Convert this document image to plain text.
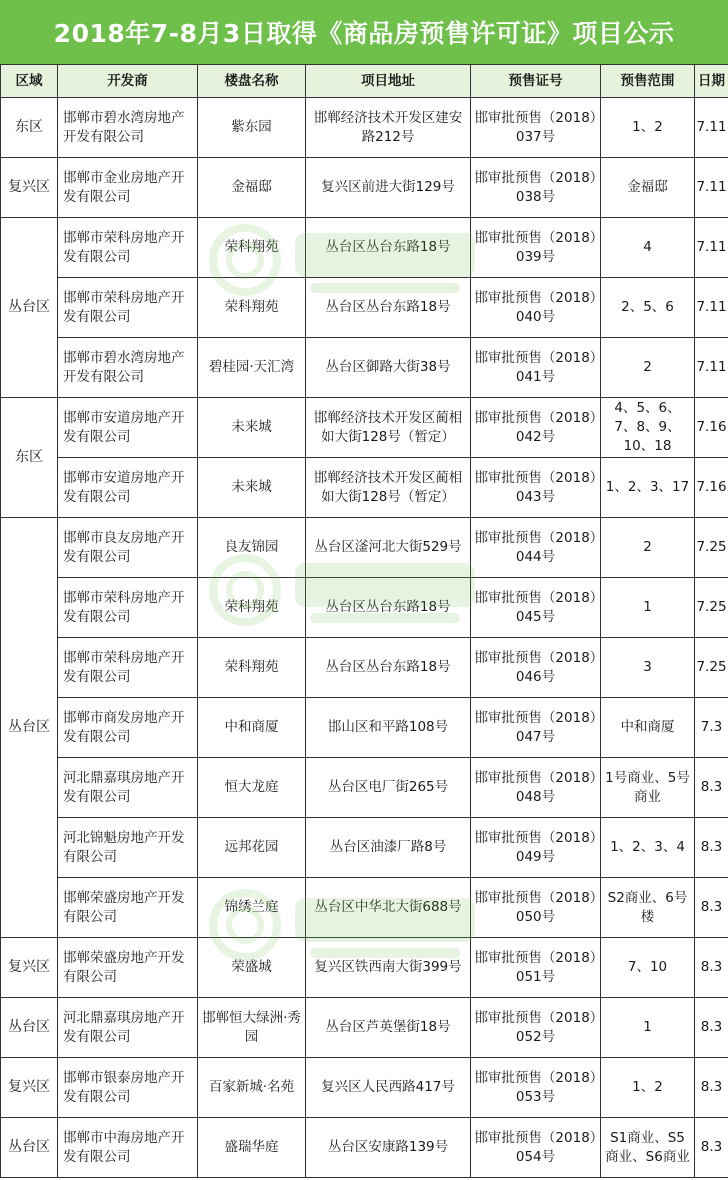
2018年7-8月3日取得《商品房预售许可证》项目公示
区域	开发商	楼盘名称	项目地址	预售证号	预售范围	日期
东区	邯郸市碧水湾房地产开发有限公司	紫东园	邯郸经济技术开发区建安路212号	邯审批预售（2018）037号	1、2	7.11
复兴区	邯郸市金业房地产开发有限公司	金福邸	复兴区前进大街129号	邯审批预售（2018）038号	金福邸	7.11
丛台区	邯郸市荣科房地产开发有限公司	荣科翔苑	丛台区丛台东路18号	邯审批预售（2018）039号	4	7.11
	邯郸市荣科房地产开发有限公司	荣科翔苑	丛台区丛台东路18号	邯审批预售（2018）040号	2、5、6	7.11
	邯郸市碧水湾房地产开发有限公司	碧桂园·天汇湾	丛台区御路大街38号	邯审批预售（2018）041号	2	7.11
东区	邯郸市安道房地产开发有限公司	未来城	邯郸经济技术开发区蔺相如大街128号（暂定）	邯审批预售（2018）042号	4、5、6、7、8、9、10、18	7.16
	邯郸市安道房地产开发有限公司	未来城	邯郸经济技术开发区蔺相如大街128号（暂定）	邯审批预售（2018）043号	1、2、3、17	7.16
丛台区	邯郸市良友房地产开发有限公司	良友锦园	丛台区滏河北大街529号	邯审批预售（2018）044号	2	7.25
	邯郸市荣科房地产开发有限公司	荣科翔苑	丛台区丛台东路18号	邯审批预售（2018）045号	1	7.25
	邯郸市荣科房地产开发有限公司	荣科翔苑	丛台区丛台东路18号	邯审批预售（2018）046号	3	7.25
	邯郸市商发房地产开发有限公司	中和商厦	邯山区和平路108号	邯审批预售（2018）047号	中和商厦	7.3
	河北鼎嘉琪房地产开发有限公司	恒大龙庭	丛台区电厂街265号	邯审批预售（2018）048号	1号商业、5号商业	8.3
	河北锦魁房地产开发有限公司	远邦花园	丛台区油漆厂路8号	邯审批预售（2018）049号	1、2、3、4	8.3
	邯郸荣盛房地产开发有限公司	锦绣兰庭	丛台区中华北大街688号	邯审批预售（2018）050号	S2商业、6号楼	8.3
复兴区	邯郸荣盛房地产开发有限公司	荣盛城	复兴区铁西南大街399号	邯审批预售（2018）051号	7、10	8.3
丛台区	河北鼎嘉琪房地产开发有限公司	邯郸恒大绿洲·秀园	丛台区芦英堡街18号	邯审批预售（2018）052号	1	8.3
复兴区	邯郸市银泰房地产开发有限公司	百家新城·名苑	复兴区人民西路417号	邯审批预售（2018）053号	1、2	8.3
丛台区	邯郸市中海房地产开发有限公司	盛瑞华庭	丛台区安康路139号	邯审批预售（2018）054号	S1商业、S5商业、S6商业	8.3
